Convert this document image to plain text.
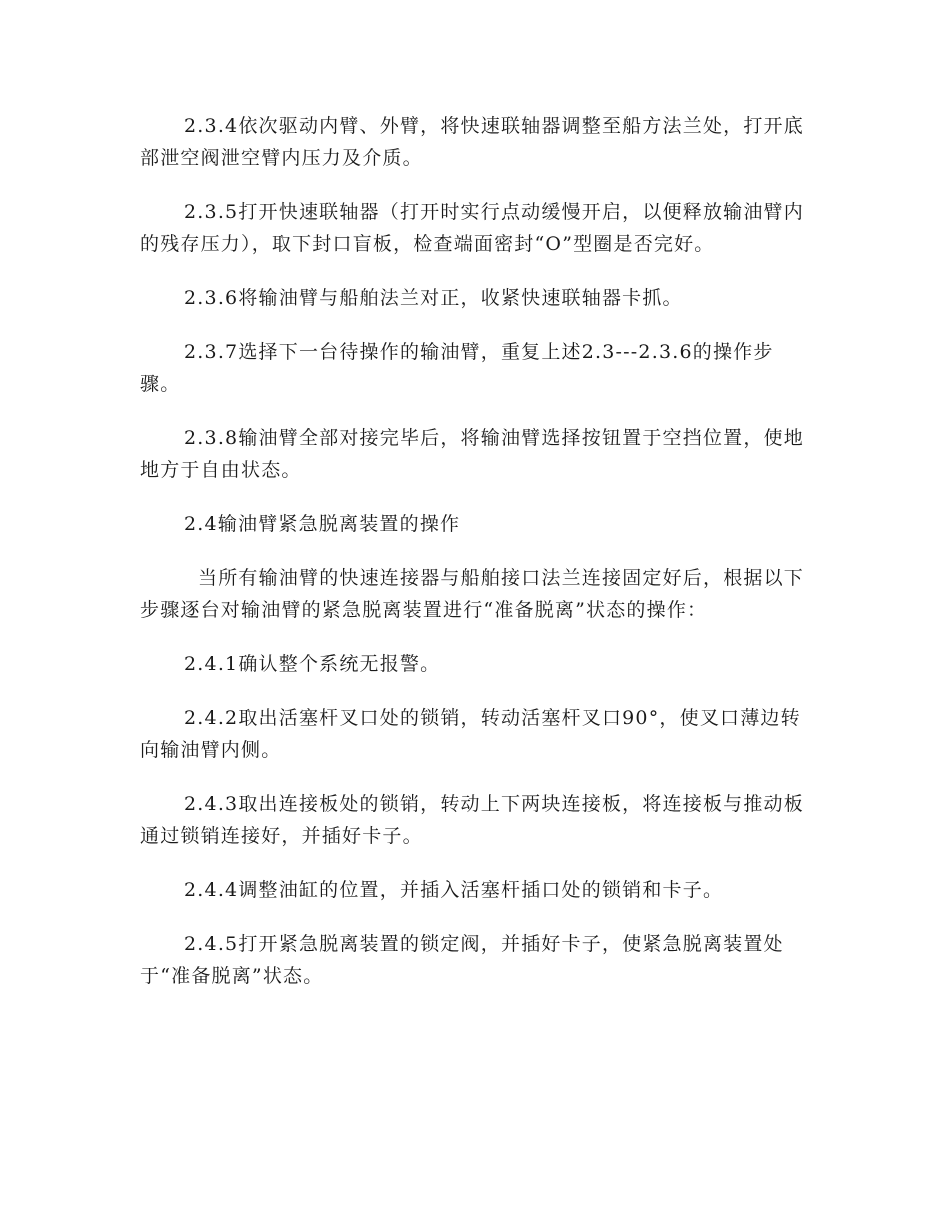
2.3.4依次驱动内臂、外臂，将快速联轴器调整至船方法兰处，打开底部泄空阀泄空臂内压力及介质。

2.3.5打开快速联轴器（打开时实行点动缓慢开启，以便释放输油臂内的残存压力），取下封口盲板，检查端面密封“O”型圈是否完好。

2.3.6将输油臂与船舶法兰对正，收紧快速联轴器卡抓。

2.3.7选择下一台待操作的输油臂，重复上述2.3---2.3.6的操作步骤。

2.3.8输油臂全部对接完毕后，将输油臂选择按钮置于空挡位置，使地地方于自由状态。

2.4输油臂紧急脱离装置的操作

当所有输油臂的快速连接器与船舶接口法兰连接固定好后，根据以下步骤逐台对输油臂的紧急脱离装置进行“准备脱离”状态的操作：

2.4.1确认整个系统无报警。

2.4.2取出活塞杆叉口处的锁销，转动活塞杆叉口90°，使叉口薄边转向输油臂内侧。

2.4.3取出连接板处的锁销，转动上下两块连接板，将连接板与推动板通过锁销连接好，并插好卡子。

2.4.4调整油缸的位置，并插入活塞杆插口处的锁销和卡子。

2.4.5打开紧急脱离装置的锁定阀，并插好卡子，使紧急脱离装置处于“准备脱离”状态。
